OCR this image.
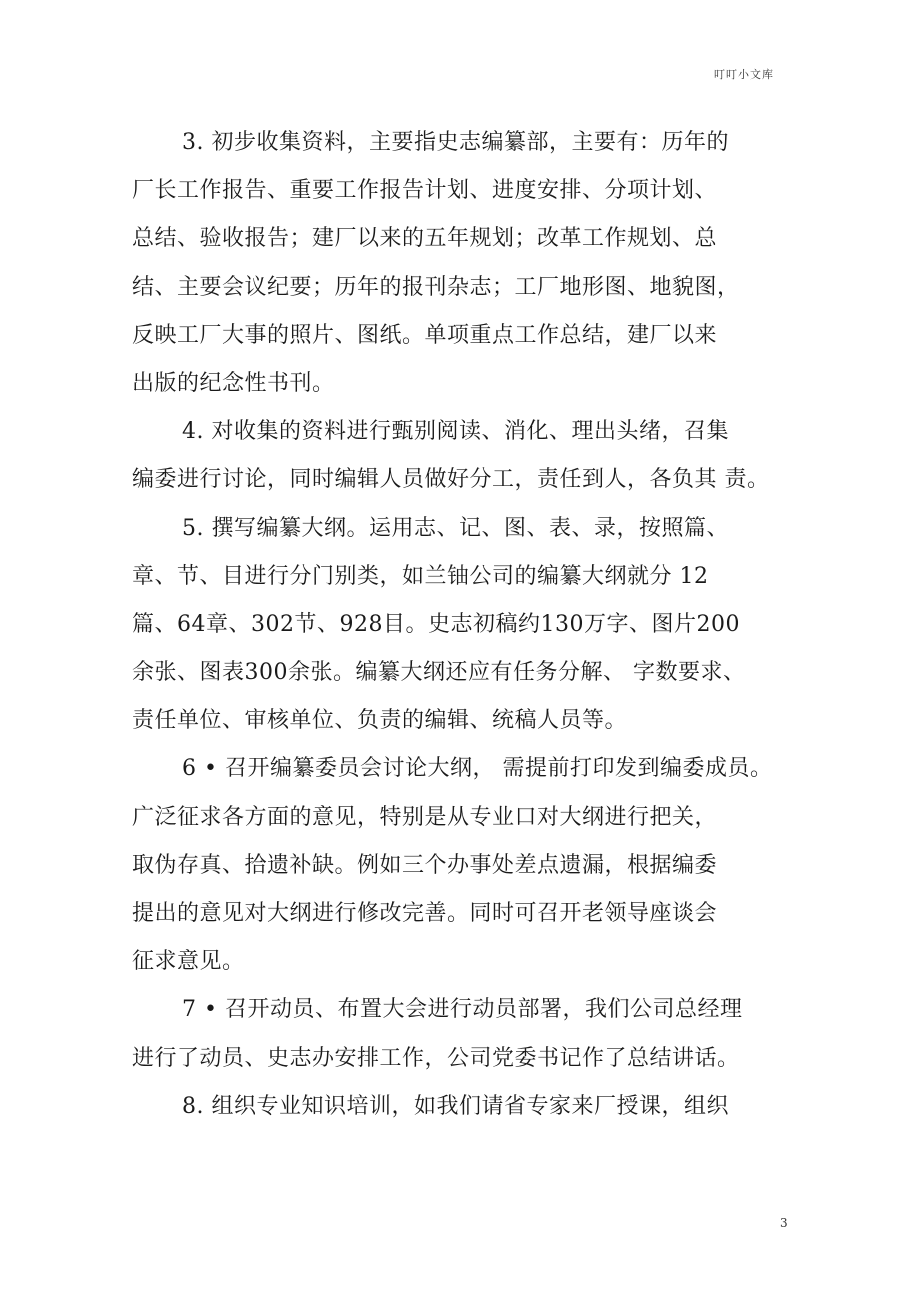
叮叮小文库
3. 初步收集资料，主要指史志编纂部，主要有：历年的
厂长工作报告、重要工作报告计划、进度安排、分项计划、
总结、验收报告；建厂以来的五年规划；改革工作规划、总
结、主要会议纪要；历年的报刊杂志；工厂地形图、地貌图，
反映工厂大事的照片、图纸。单项重点工作总结，建厂以来
出版的纪念性书刊。
4. 对收集的资料进行甄别阅读、消化、理出头绪，召集
编委进行讨论，同时编辑人员做好分工，责任到人，各负其 责。
5. 撰写编纂大纲。运用志、记、图、表、录，按照篇、
章、节、目进行分门别类，如兰铀公司的编纂大纲就分 12
篇、64章、302节、928目。史志初稿约130万字、图片200
余张、图表300余张。编纂大纲还应有任务分解、 字数要求、
责任单位、审核单位、负责的编辑、统稿人员等。
6 • 召开编纂委员会讨论大纲， 需提前打印发到编委成员。
广泛征求各方面的意见，特别是从专业口对大纲进行把关，
取伪存真、拾遗补缺。例如三个办事处差点遗漏，根据编委
提出的意见对大纲进行修改完善。同时可召开老领导座谈会
征求意见。
7 • 召开动员、布置大会进行动员部署，我们公司总经理
进行了动员、史志办安排工作，公司党委书记作了总结讲话。
8. 组织专业知识培训，如我们请省专家来厂授课，组织
3
